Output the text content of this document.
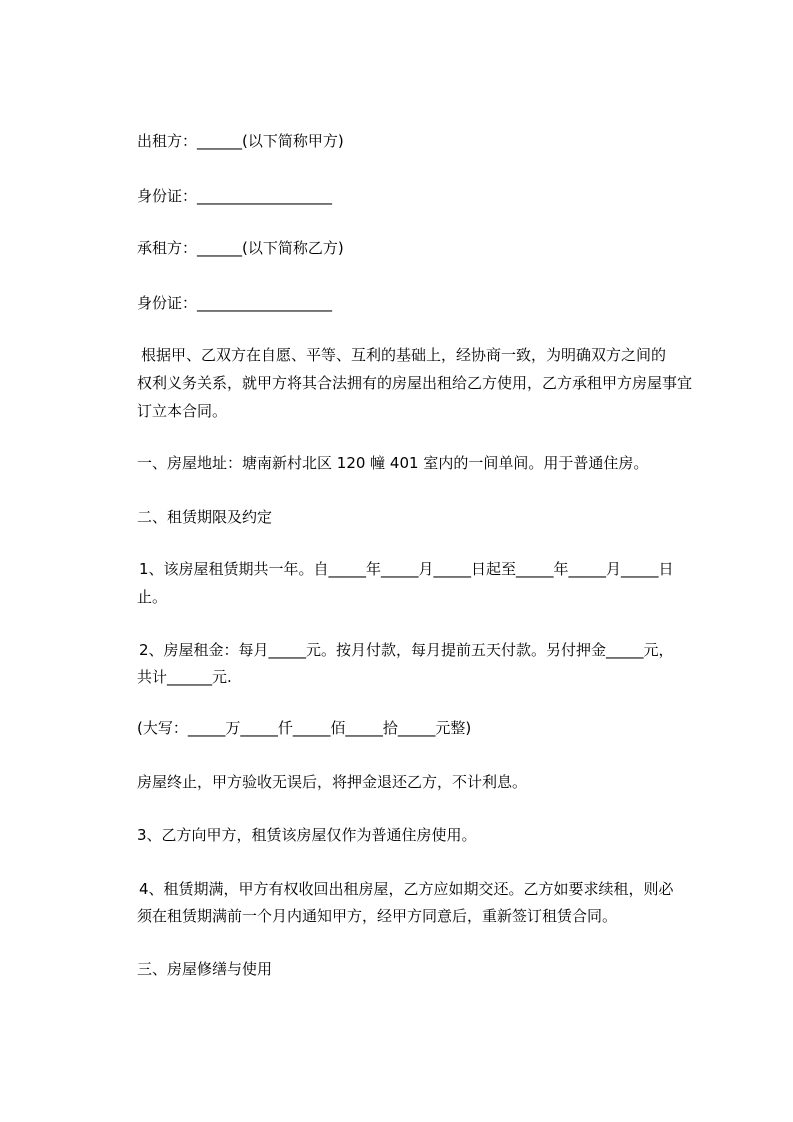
出租方：______(以下简称甲方)
身份证：__________________
承租方：______(以下简称乙方)
身份证：__________________
根据甲、乙双方在自愿、平等、互利的基础上，经协商一致，为明确双方之间的
权利义务关系，就甲方将其合法拥有的房屋出租给乙方使用，乙方承租甲方房屋事宜
订立本合同。
一、房屋地址：塘南新村北区 120 幢 401 室内的一间单间。用于普通住房。
二、租赁期限及约定
1、该房屋租赁期共一年。自_____年_____月_____日起至_____年_____月_____日
止。
2、房屋租金：每月_____元。按月付款，每月提前五天付款。另付押金_____元，
共计______元.
(大写：_____万_____仟_____佰_____拾_____元整)
房屋终止，甲方验收无误后，将押金退还乙方，不计利息。
3、乙方向甲方，租赁该房屋仅作为普通住房使用。
4、租赁期满，甲方有权收回出租房屋，乙方应如期交还。乙方如要求续租，则必
须在租赁期满前一个月内通知甲方，经甲方同意后，重新签订租赁合同。
三、房屋修缮与使用
